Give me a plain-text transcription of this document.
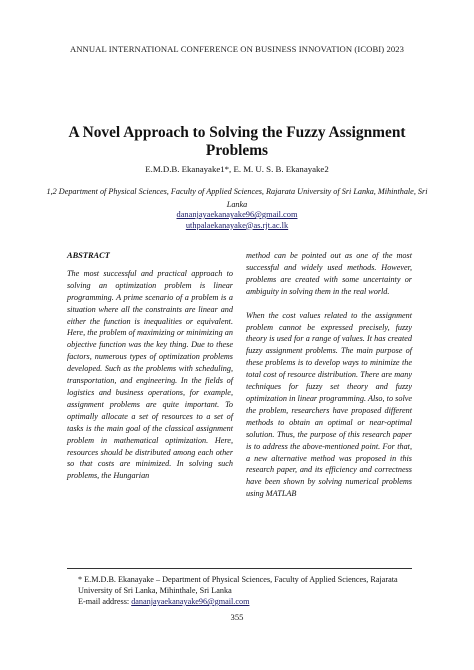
ANNUAL INTERNATIONAL CONFERENCE ON BUSINESS INNOVATION (ICOBI) 2023
A Novel Approach to Solving the Fuzzy Assignment Problems
E.M.D.B. Ekanayake1*, E. M. U. S. B. Ekanayake2
1,2 Department of Physical Sciences, Faculty of Applied Sciences, Rajarata University of Sri Lanka, Mihinthale, Sri Lanka
dananjayaekanayake96@gmail.com
uthpalaekanayake@as.rjt.ac.lk
ABSTRACT

The most successful and practical approach to solving an optimization problem is linear programming. A prime scenario of a problem is a situation where all the constraints are linear and either the function is inequalities or equivalent. Here, the problem of maximizing or minimizing an objective function was the key thing. Due to these factors, numerous types of optimization problems developed. Such as the problems with scheduling, transportation, and engineering. In the fields of logistics and business operations, for example, assignment problems are quite important. To optimally allocate a set of resources to a set of tasks is the main goal of the classical assignment problem in mathematical optimization. Here, resources should be distributed among each other so that costs are minimized. In solving such problems, the Hungarian

method can be pointed out as one of the most successful and widely used methods. However, problems are created with some uncertainty or ambiguity in solving them in the real world.

When the cost values related to the assignment problem cannot be expressed precisely, fuzzy theory is used for a range of values. It has created fuzzy assignment problems. The main purpose of these problems is to develop ways to minimize the total cost of resource distribution. There are many techniques for fuzzy set theory and fuzzy optimization in linear programming. Also, to solve the problem, researchers have proposed different methods to obtain an optimal or near-optimal solution. Thus, the purpose of this research paper is to address the above-mentioned point. For that, a new alternative method was proposed in this research paper, and its efficiency and correctness have been shown by solving numerical problems using MATLAB

* E.M.D.B. Ekanayake – Department of Physical Sciences, Faculty of Applied Sciences, Rajarata University of Sri Lanka, Mihinthale, Sri Lanka
E-mail address: dananjayaekanayake96@gmail.com
355
